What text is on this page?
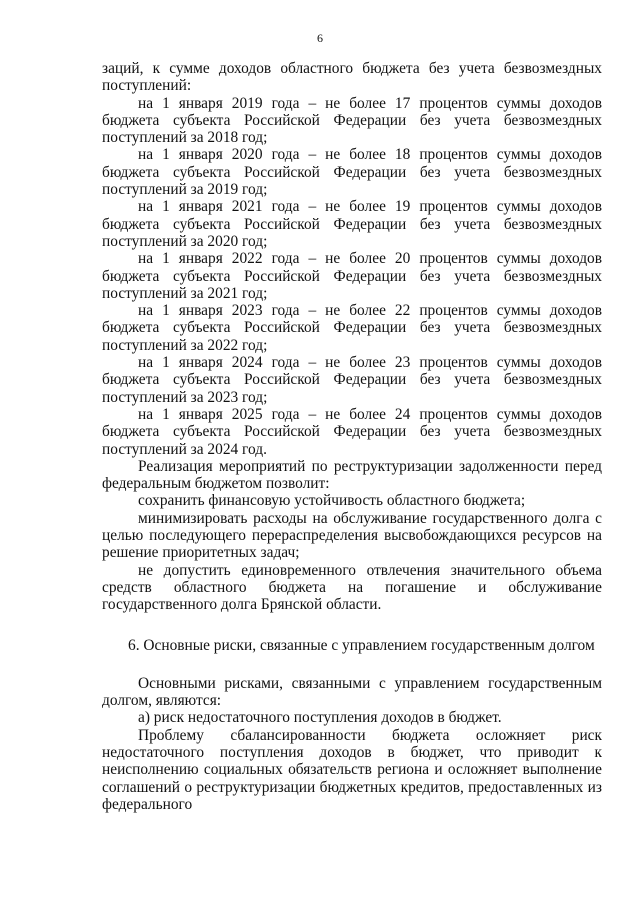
6

заций, к сумме доходов областного бюджета без учета безвозмездных поступлений:

на 1 января 2019 года – не более 17 процентов суммы доходов бюджета субъекта Российской Федерации без учета безвозмездных поступлений за 2018 год;

на 1 января 2020 года – не более 18 процентов суммы доходов бюджета субъекта Российской Федерации без учета безвозмездных поступлений за 2019 год;

на 1 января 2021 года – не более 19 процентов суммы доходов бюджета субъекта Российской Федерации без учета безвозмездных поступлений за 2020 год;

на 1 января 2022 года – не более 20 процентов суммы доходов бюджета субъекта Российской Федерации без учета безвозмездных поступлений за 2021 год;

на 1 января 2023 года – не более 22 процентов суммы доходов бюджета субъекта Российской Федерации без учета безвозмездных поступлений за 2022 год;

на 1 января 2024 года – не более 23 процентов суммы доходов бюджета субъекта Российской Федерации без учета безвозмездных поступлений за 2023 год;

на 1 января 2025 года – не более 24 процентов суммы доходов бюджета субъекта Российской Федерации без учета безвозмездных поступлений за 2024 год.

Реализация мероприятий по реструктуризации задолженности перед федеральным бюджетом позволит:

сохранить финансовую устойчивость областного бюджета;

минимизировать расходы на обслуживание государственного долга с целью последующего перераспределения высвобождающихся ресурсов на решение приоритетных задач;

не допустить единовременного отвлечения значительного объема средств областного бюджета на погашение и обслуживание государственного долга Брянской области.

6. Основные риски, связанные с управлением государственным долгом

Основными рисками, связанными с управлением государственным долгом, являются:

а) риск недостаточного поступления доходов в бюджет.

Проблему сбалансированности бюджета осложняет риск недостаточного поступления доходов в бюджет, что приводит к неисполнению социальных обязательств региона и осложняет выполнение соглашений о реструктуризации бюджетных кредитов, предоставленных из федерального
